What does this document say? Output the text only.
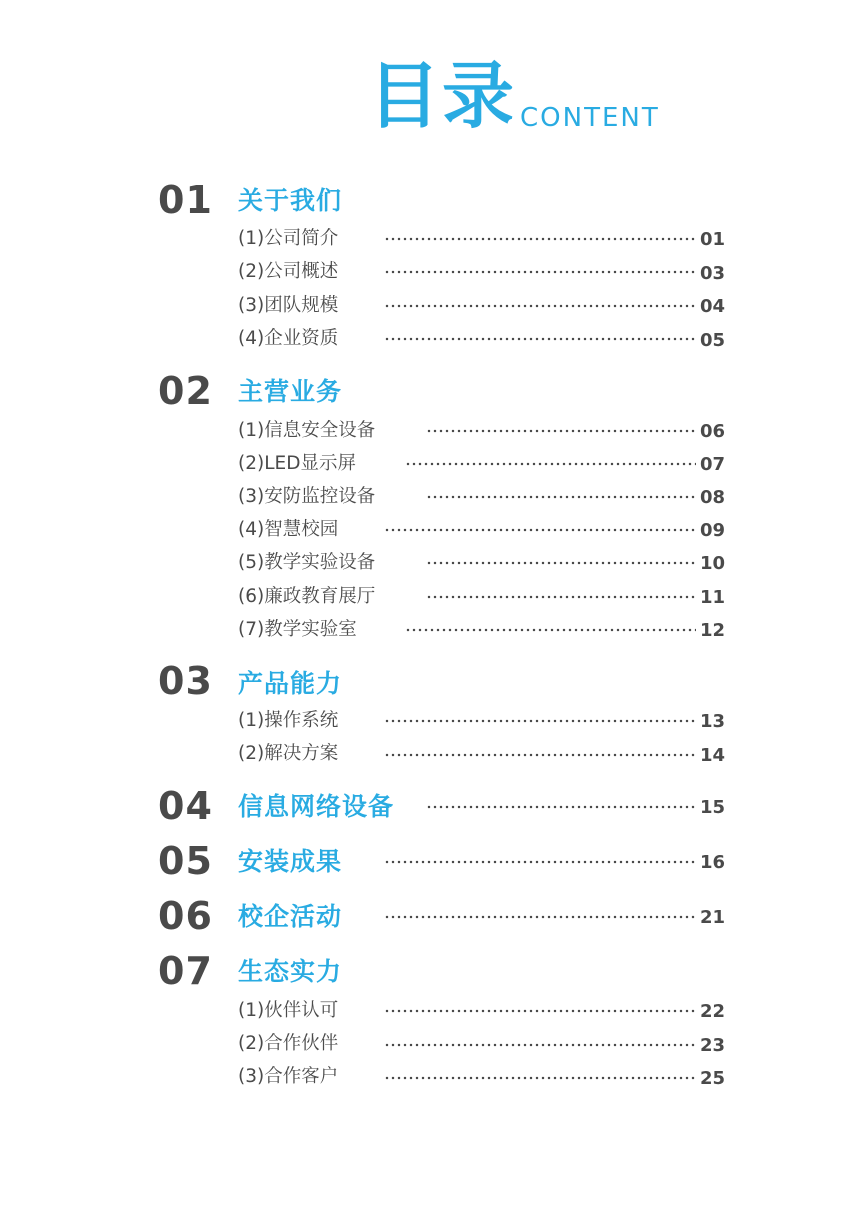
目录 CONTENT
01 关于我们
(1)公司简介	01
(2)公司概述	03
(3)团队规模	04
(4)企业资质	05
02 主营业务
(1)信息安全设备	06
(2)LED显示屏	07
(3)安防监控设备	08
(4)智慧校园	09
(5)教学实验设备	10
(6)廉政教育展厅	11
(7)教学实验室	12
03 产品能力
(1)操作系统	13
(2)解决方案	14
04 信息网络设备	15
05 安装成果	16
06 校企活动	21
07 生态实力
(1)伙伴认可	22
(2)合作伙伴	23
(3)合作客户	25
